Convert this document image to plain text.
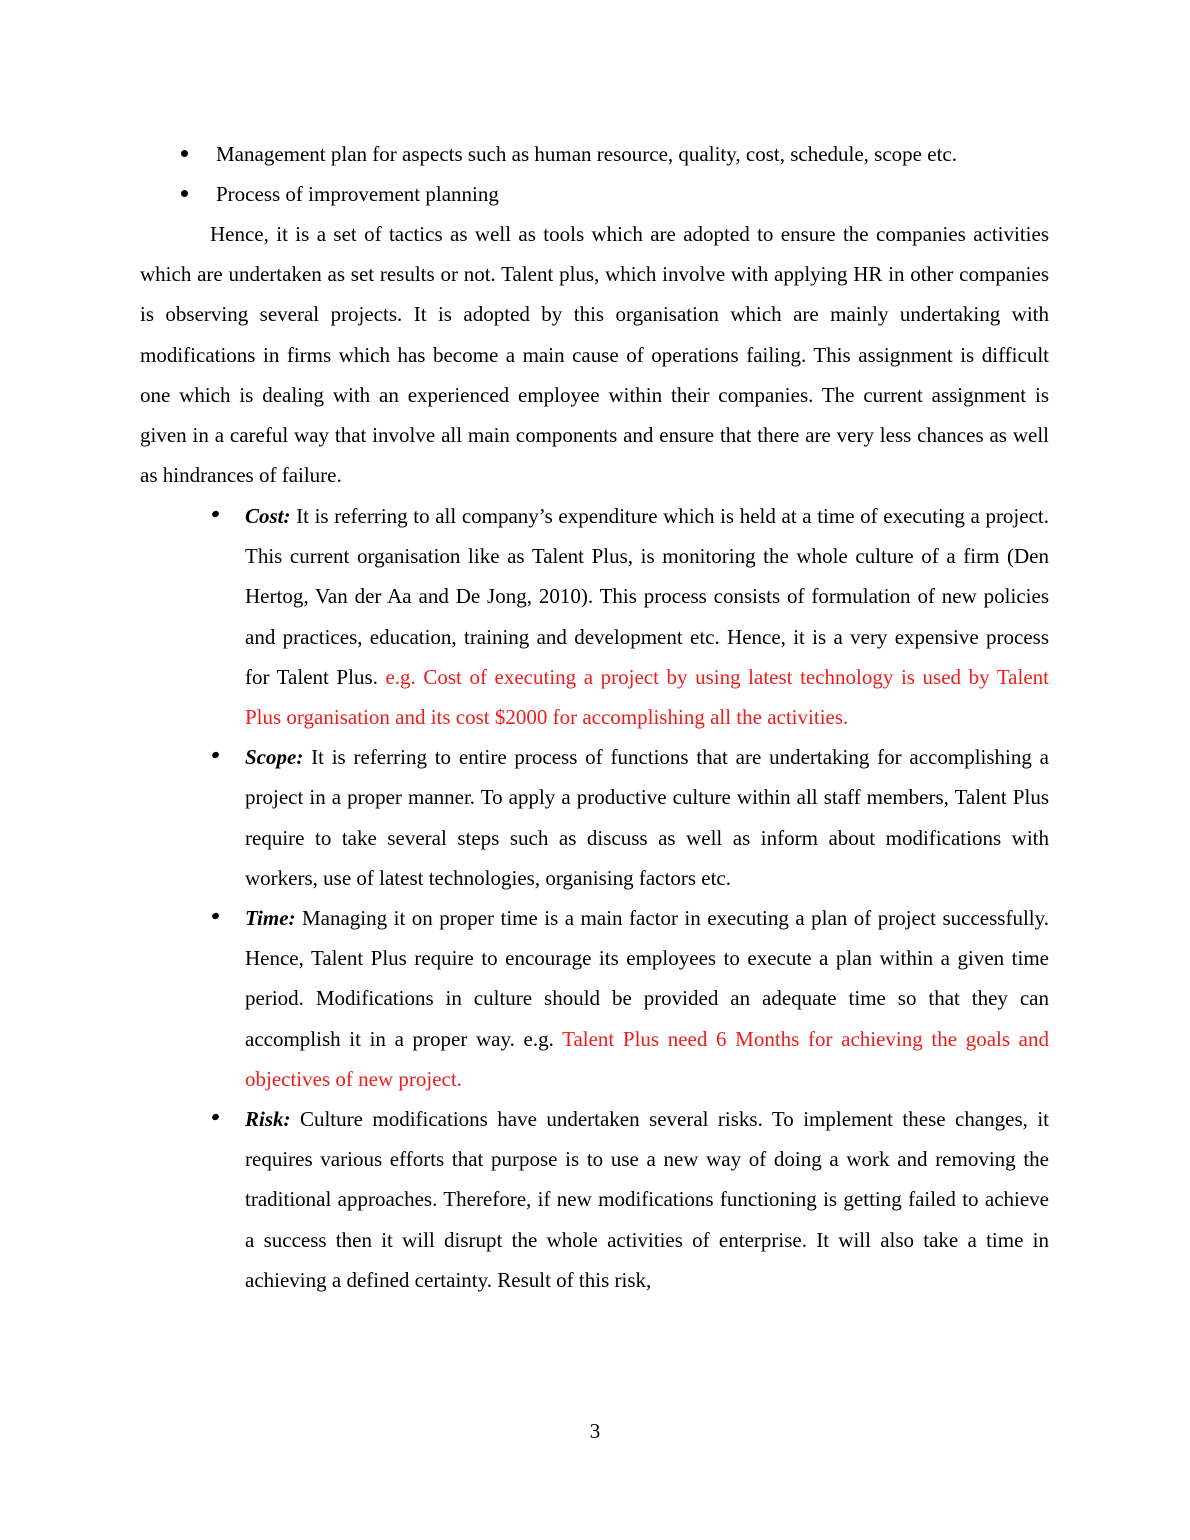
Management plan for aspects such as human resource, quality, cost, schedule, scope etc.
Process of improvement planning

Hence, it is a set of tactics as well as tools which are adopted to ensure the companies activities which are undertaken as set results or not. Talent plus, which involve with applying HR in other companies is observing several projects. It is adopted by this organisation which are mainly undertaking with modifications in firms which has become a main cause of operations failing. This assignment is difficult one which is dealing with an experienced employee within their companies. The current assignment is given in a careful way that involve all main components and ensure that there are very less chances as well as hindrances of failure.

Cost: It is referring to all company’s expenditure which is held at a time of executing a project. This current organisation like as Talent Plus, is monitoring the whole culture of a firm (Den Hertog, Van der Aa and De Jong, 2010). This process consists of formulation of new policies and practices, education, training and development etc. Hence, it is a very expensive process for Talent Plus. e.g. Cost of executing a project by using latest technology is used by Talent Plus organisation and its cost $2000 for accomplishing all the activities.
Scope: It is referring to entire process of functions that are undertaking for accomplishing a project in a proper manner. To apply a productive culture within all staff members, Talent Plus require to take several steps such as discuss as well as inform about modifications with workers, use of latest technologies, organising factors etc.
Time: Managing it on proper time is a main factor in executing a plan of project successfully. Hence, Talent Plus require to encourage its employees to execute a plan within a given time period. Modifications in culture should be provided an adequate time so that they can accomplish it in a proper way. e.g. Talent Plus need 6 Months for achieving the goals and objectives of new project.
Risk: Culture modifications have undertaken several risks. To implement these changes, it requires various efforts that purpose is to use a new way of doing a work and removing the traditional approaches. Therefore, if new modifications functioning is getting failed to achieve a success then it will disrupt the whole activities of enterprise. It will also take a time in achieving a defined certainty. Result of this risk,
3
